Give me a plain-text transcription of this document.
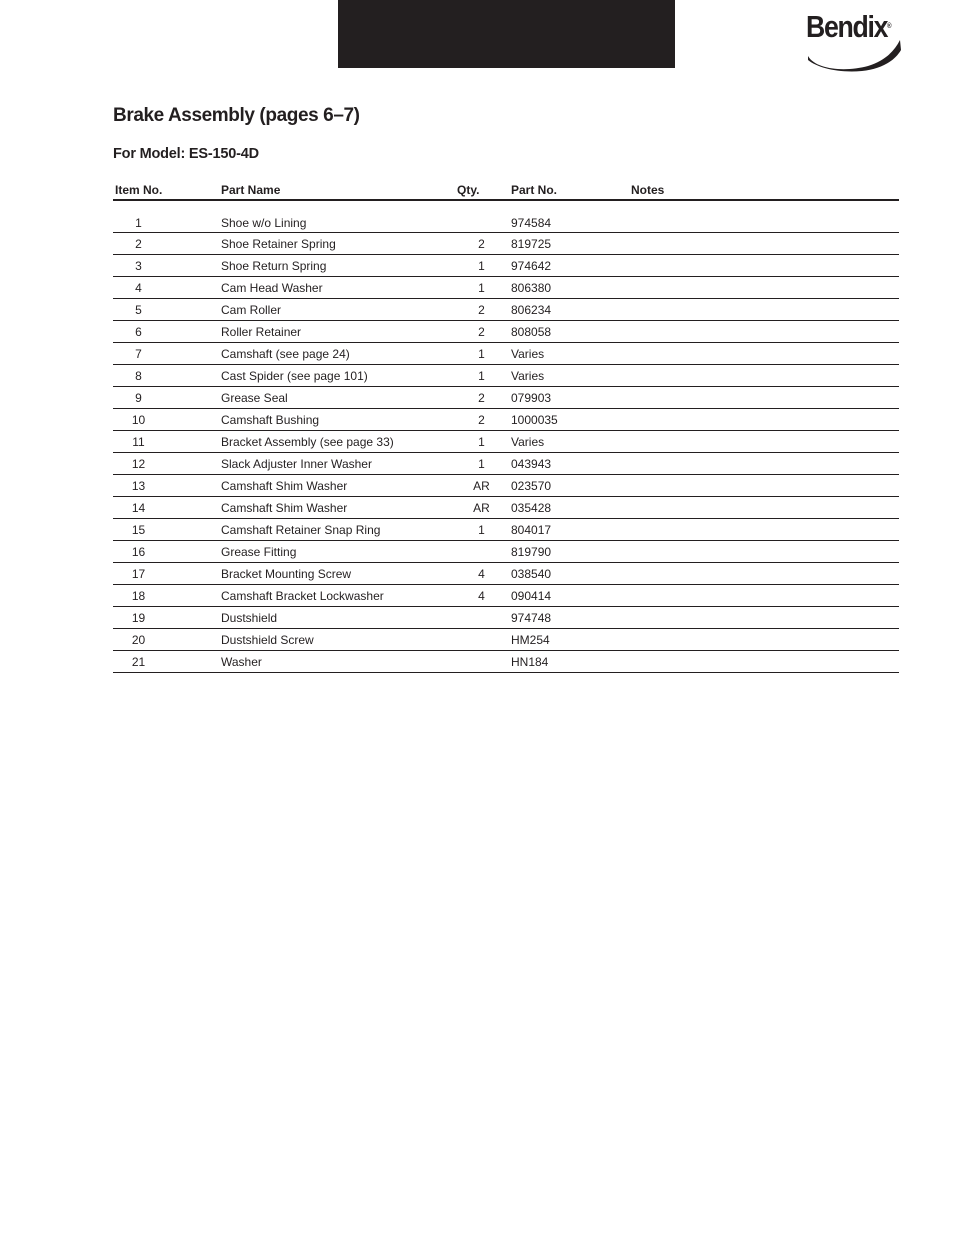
Bendix®
Brake Assembly (pages 6–7)
For Model: ES-150-4D
Item No.	Part Name	Qty.	Part No.	Notes
1	Shoe w/o Lining		974584	
2	Shoe Retainer Spring	2	819725	
3	Shoe Return Spring	1	974642	
4	Cam Head Washer	1	806380	
5	Cam Roller	2	806234	
6	Roller Retainer	2	808058	
7	Camshaft (see page 24)	1	Varies	
8	Cast Spider (see page 101)	1	Varies	
9	Grease Seal	2	079903	
10	Camshaft Bushing	2	1000035	
11	Bracket Assembly (see page 33)	1	Varies	
12	Slack Adjuster Inner Washer	1	043943	
13	Camshaft Shim Washer	AR	023570	
14	Camshaft Shim Washer	AR	035428	
15	Camshaft Retainer Snap Ring	1	804017	
16	Grease Fitting		819790	
17	Bracket Mounting Screw	4	038540	
18	Camshaft Bracket Lockwasher	4	090414	
19	Dustshield		974748	
20	Dustshield Screw		HM254	
21	Washer		HN184	
